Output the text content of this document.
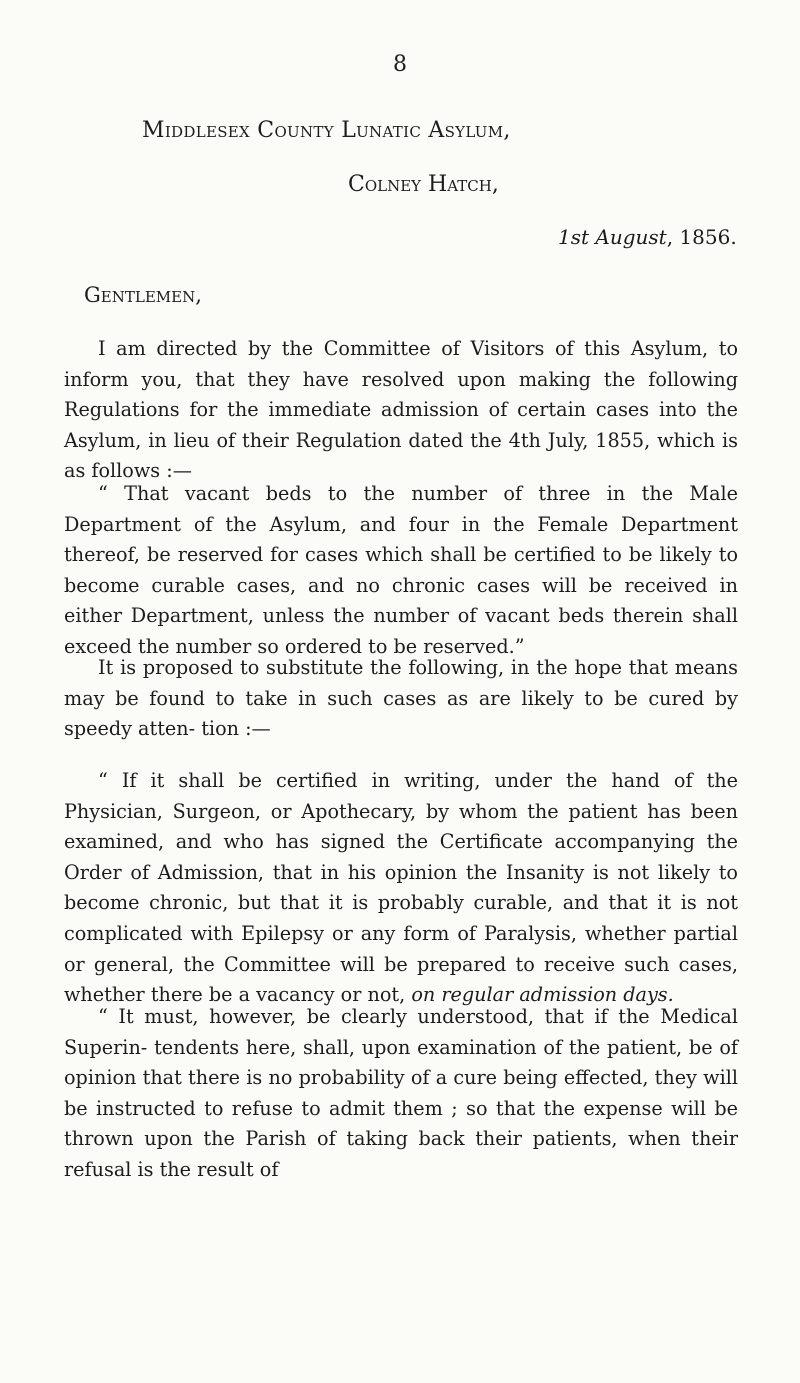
8
Middlesex County Lunatic Asylum,
Colney Hatch,
1st August, 1856.
Gentlemen,

I am directed by the Committee of Visitors of this Asylum, to inform you, that they have resolved upon making the following Regulations for the immediate admission of certain cases into the Asylum, in lieu of their Regulation dated the 4th July, 1855, which is as follows :—

“ That vacant beds to the number of three in the Male Department of the Asylum, and four in the Female Department thereof, be reserved for cases which shall be certified to be likely to become curable cases, and no chronic cases will be received in either Department, unless the number of vacant beds therein shall exceed the number so ordered to be reserved.”

It is proposed to substitute the following, in the hope that means may be found to take in such cases as are likely to be cured by speedy atten- tion :—

“ If it shall be certified in writing, under the hand of the Physician, Surgeon, or Apothecary, by whom the patient has been examined, and who has signed the Certificate accompanying the Order of Admission, that in his opinion the Insanity is not likely to become chronic, but that it is probably curable, and that it is not complicated with Epilepsy or any form of Paralysis, whether partial or general, the Committee will be prepared to receive such cases, whether there be a vacancy or not, on regular admission days.

“ It must, however, be clearly understood, that if the Medical Superin- tendents here, shall, upon examination of the patient, be of opinion that there is no probability of a cure being effected, they will be instructed to refuse to admit them ; so that the expense will be thrown upon the Parish of taking back their patients, when their refusal is the result of
